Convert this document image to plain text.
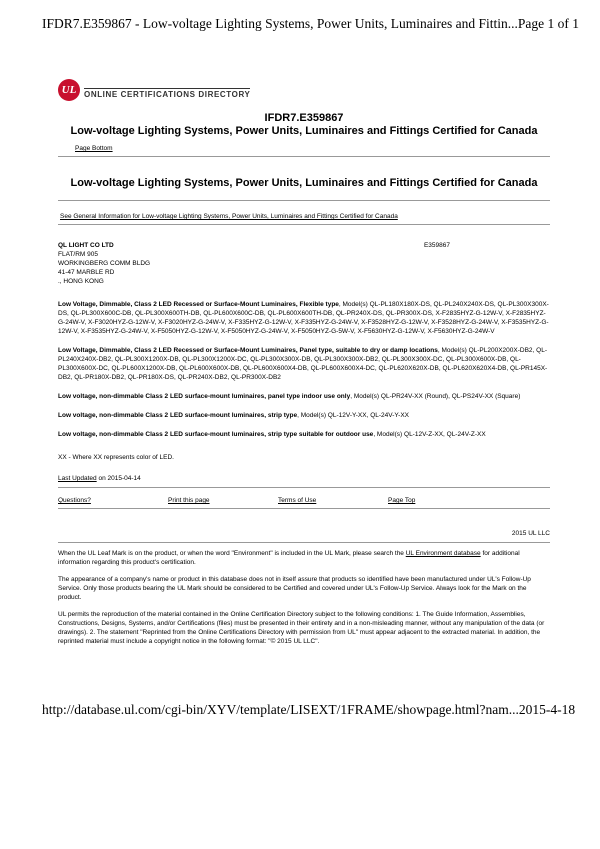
IFDR7.E359867 - Low-voltage Lighting Systems, Power Units, Luminaires and Fittin... Page 1 of 1
UL ONLINE CERTIFICATIONS DIRECTORY
IFDR7.E359867
Low-voltage Lighting Systems, Power Units, Luminaires and Fittings Certified for Canada
Page Bottom
Low-voltage Lighting Systems, Power Units, Luminaires and Fittings Certified for Canada
See General Information for Low-voltage Lighting Systems, Power Units, Luminaires and Fittings Certified for Canada
QL LIGHT CO LTD
FLAT/RM 905
WORKINGBERG COMM BLDG
41-47 MARBLE RD
., HONG KONG
E359867
Low Voltage, Dimmable, Class 2 LED Recessed or Surface-Mount Luminaires, Flexible type, Model(s) QL-PL180X180X-DS, QL-PL240X240X-DS, QL-PL300X300X-DS, QL-PL300X600C-DB, QL-PL300X600TH-DB, QL-PL600X600C-DB, QL-PL600X600TH-DB, QL-PR240X-DS, QL-PR300X-DS, X-F2835HYZ-G-12W-V, X-F2835HYZ-G-24W-V, X-F3020HYZ-G-12W-V, X-F3020HYZ-G-24W-V, X-F335HYZ-G-12W-V, X-F335HYZ-G-24W-V, X-F3528HYZ-G-12W-V, X-F3528HYZ-G-24W-V, X-F3535HYZ-G-12W-V, X-F3535HYZ-G-24W-V, X-F5050HYZ-G-12W-V, X-F5050HYZ-G-24W-V, X-F5050HYZ-G-5W-V, X-F5630HYZ-G-12W-V, X-F5630HYZ-G-24W-V
Low Voltage, Dimmable, Class 2 LED Recessed or Surface-Mount Luminaires, Panel type, suitable to dry or damp locations, Model(s) QL-PL200X200X-DB2, QL-PL240X240X-DB2, QL-PL300X1200X-DB, QL-PL300X1200X-DC, QL-PL300X300X-DB, QL-PL300X300X-DB2, QL-PL300X300X-DC, QL-PL300X600X-DB, QL-PL300X600X-DC, QL-PL600X1200X-DB, QL-PL600X600X-DB, QL-PL600X600X4-DB, QL-PL600X600X4-DC, QL-PL620X620X-DB, QL-PL620X620X4-DB, QL-PR145X-DB2, QL-PR180X-DB2, QL-PR180X-DS, QL-PR240X-DB2, QL-PR300X-DB2
Low voltage, non-dimmable Class 2 LED surface-mount luminaires, panel type indoor use only, Model(s) QL-PR24V-XX (Round), QL-PS24V-XX (Square)
Low voltage, non-dimmable Class 2 LED surface-mount luminaires, strip type, Model(s) QL-12V-Y-XX, QL-24V-Y-XX
Low voltage, non-dimmable Class 2 LED surface-mount luminaires, strip type suitable for outdoor use, Model(s) QL-12V-Z-XX, QL-24V-Z-XX
XX - Where XX represents color of LED.
Last Updated on 2015-04-14
Questions?	Print this page	Terms of Use	Page Top
2015 UL LLC
When the UL Leaf Mark is on the product, or when the word "Environment" is included in the UL Mark, please search the UL Environment database for additional information regarding this product's certification.
The appearance of a company's name or product in this database does not in itself assure that products so identified have been manufactured under UL's Follow-Up Service. Only those products bearing the UL Mark should be considered to be Certified and covered under UL's Follow-Up Service. Always look for the Mark on the product.
UL permits the reproduction of the material contained in the Online Certification Directory subject to the following conditions: 1. The Guide Information, Assemblies, Constructions, Designs, Systems, and/or Certifications (files) must be presented in their entirety and in a non-misleading manner, without any manipulation of the data (or drawings). 2. The statement "Reprinted from the Online Certifications Directory with permission from UL" must appear adjacent to the extracted material. In addition, the reprinted material must include a copyright notice in the following format: "© 2015 UL LLC".
http://database.ul.com/cgi-bin/XYV/template/LISEXT/1FRAME/showpage.html?nam... 2015-4-18
